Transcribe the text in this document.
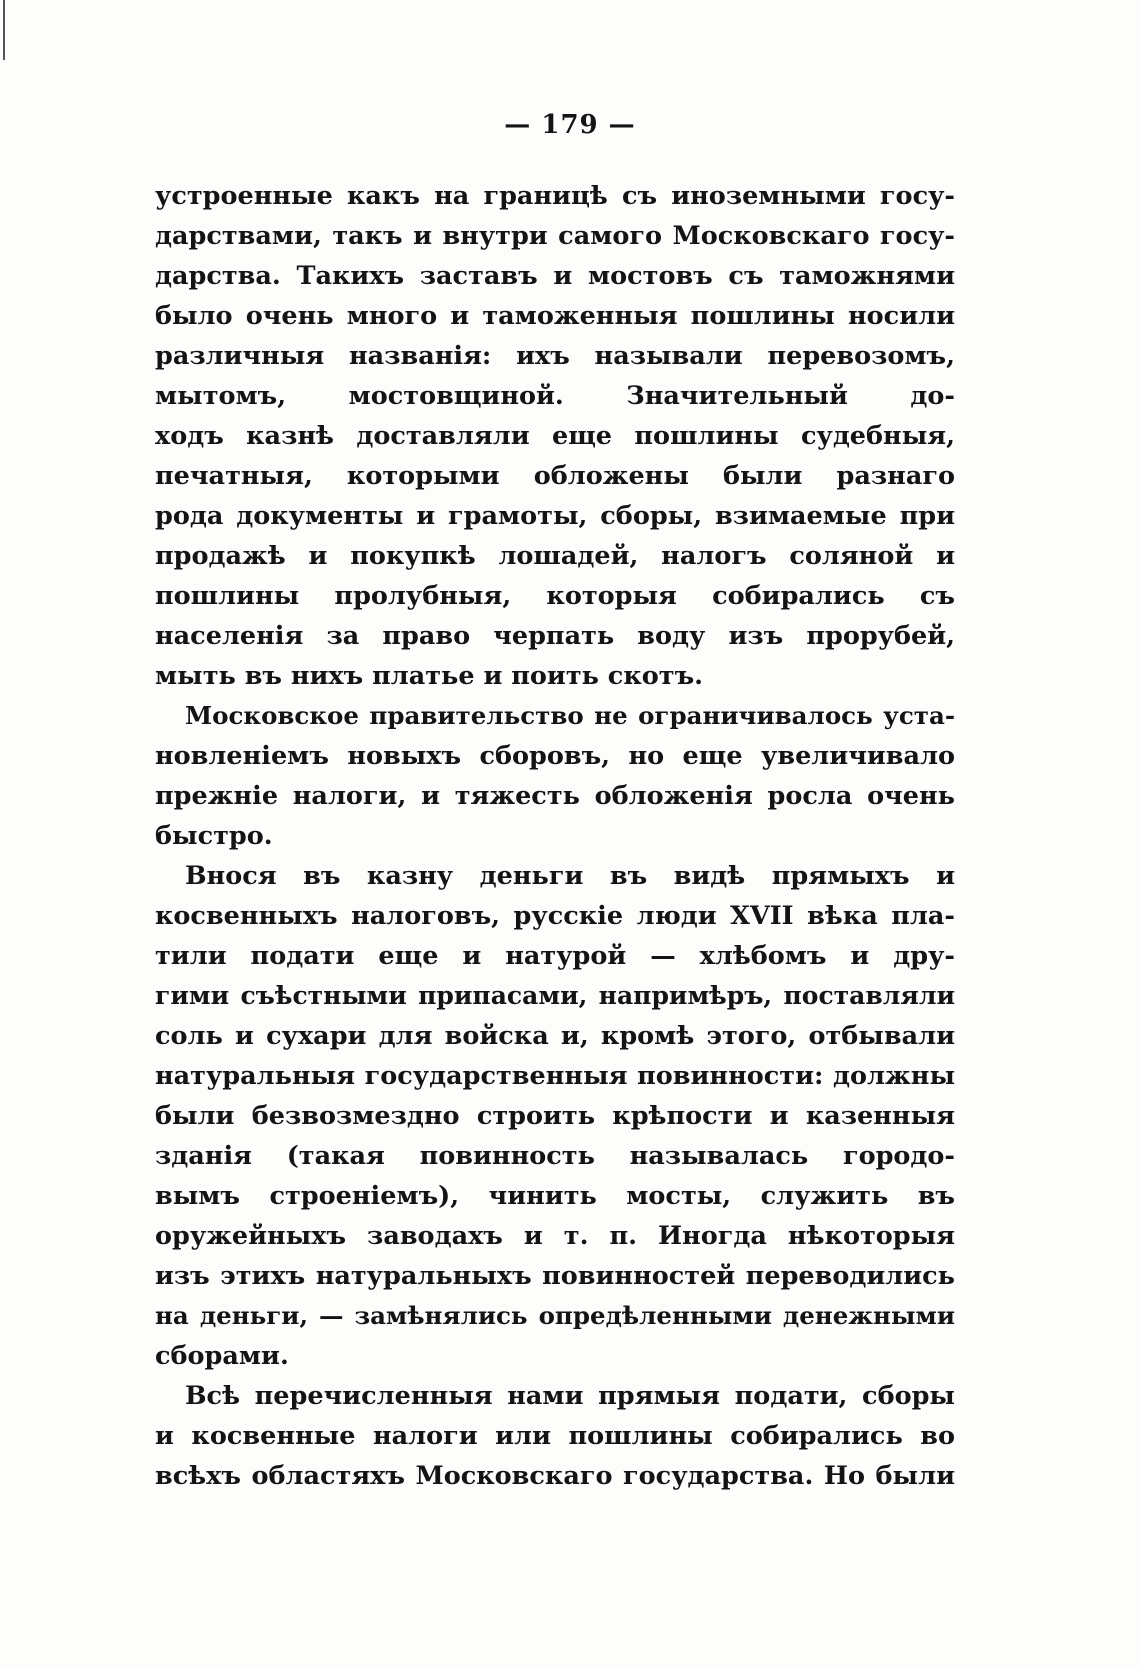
— 179 —
устроенные какъ на границѣ съ иноземными госу-
дарствами, такъ и внутри самого Московскаго госу-
дарства. Такихъ заставъ и мостовъ съ таможнями
было очень много и таможенныя пошлины носили
различныя названія: ихъ называли перевозомъ,
мытомъ, мостовщиной. Значительный до-
ходъ казнѣ доставляли еще пошлины судебныя,
печатныя, которыми обложены были разнаго
рода документы и грамоты, сборы, взимаемые при
продажѣ и покупкѣ лошадей, налогъ соляной и
пошлины пролубныя, которыя собирались съ
населенія за право черпать воду изъ прорубей,
мыть въ нихъ платье и поить скотъ.
Московское правительство не ограничивалось уста-
новленіемъ новыхъ сборовъ, но еще увеличивало
прежніе налоги, и тяжесть обложенія росла очень
быстро.
Внося въ казну деньги въ видѣ прямыхъ и
косвенныхъ налоговъ, русскіе люди XVII вѣка пла-
тили подати еще и натурой — хлѣбомъ и дру-
гими съѣстными припасами, напримѣръ, поставляли
соль и сухари для войска и, кромѣ этого, отбывали
натуральныя государственныя повинности: должны
были безвозмездно строить крѣпости и казенныя
зданія (такая повинность называлась городо-
вымъ строеніемъ), чинить мосты, служить въ
оружейныхъ заводахъ и т. п. Иногда нѣкоторыя
изъ этихъ натуральныхъ повинностей переводились
на деньги, — замѣнялись опредѣленными денежными
сборами.
Всѣ перечисленныя нами прямыя подати, сборы
и косвенные налоги или пошлины собирались во
всѣхъ областяхъ Московскаго государства. Но были
